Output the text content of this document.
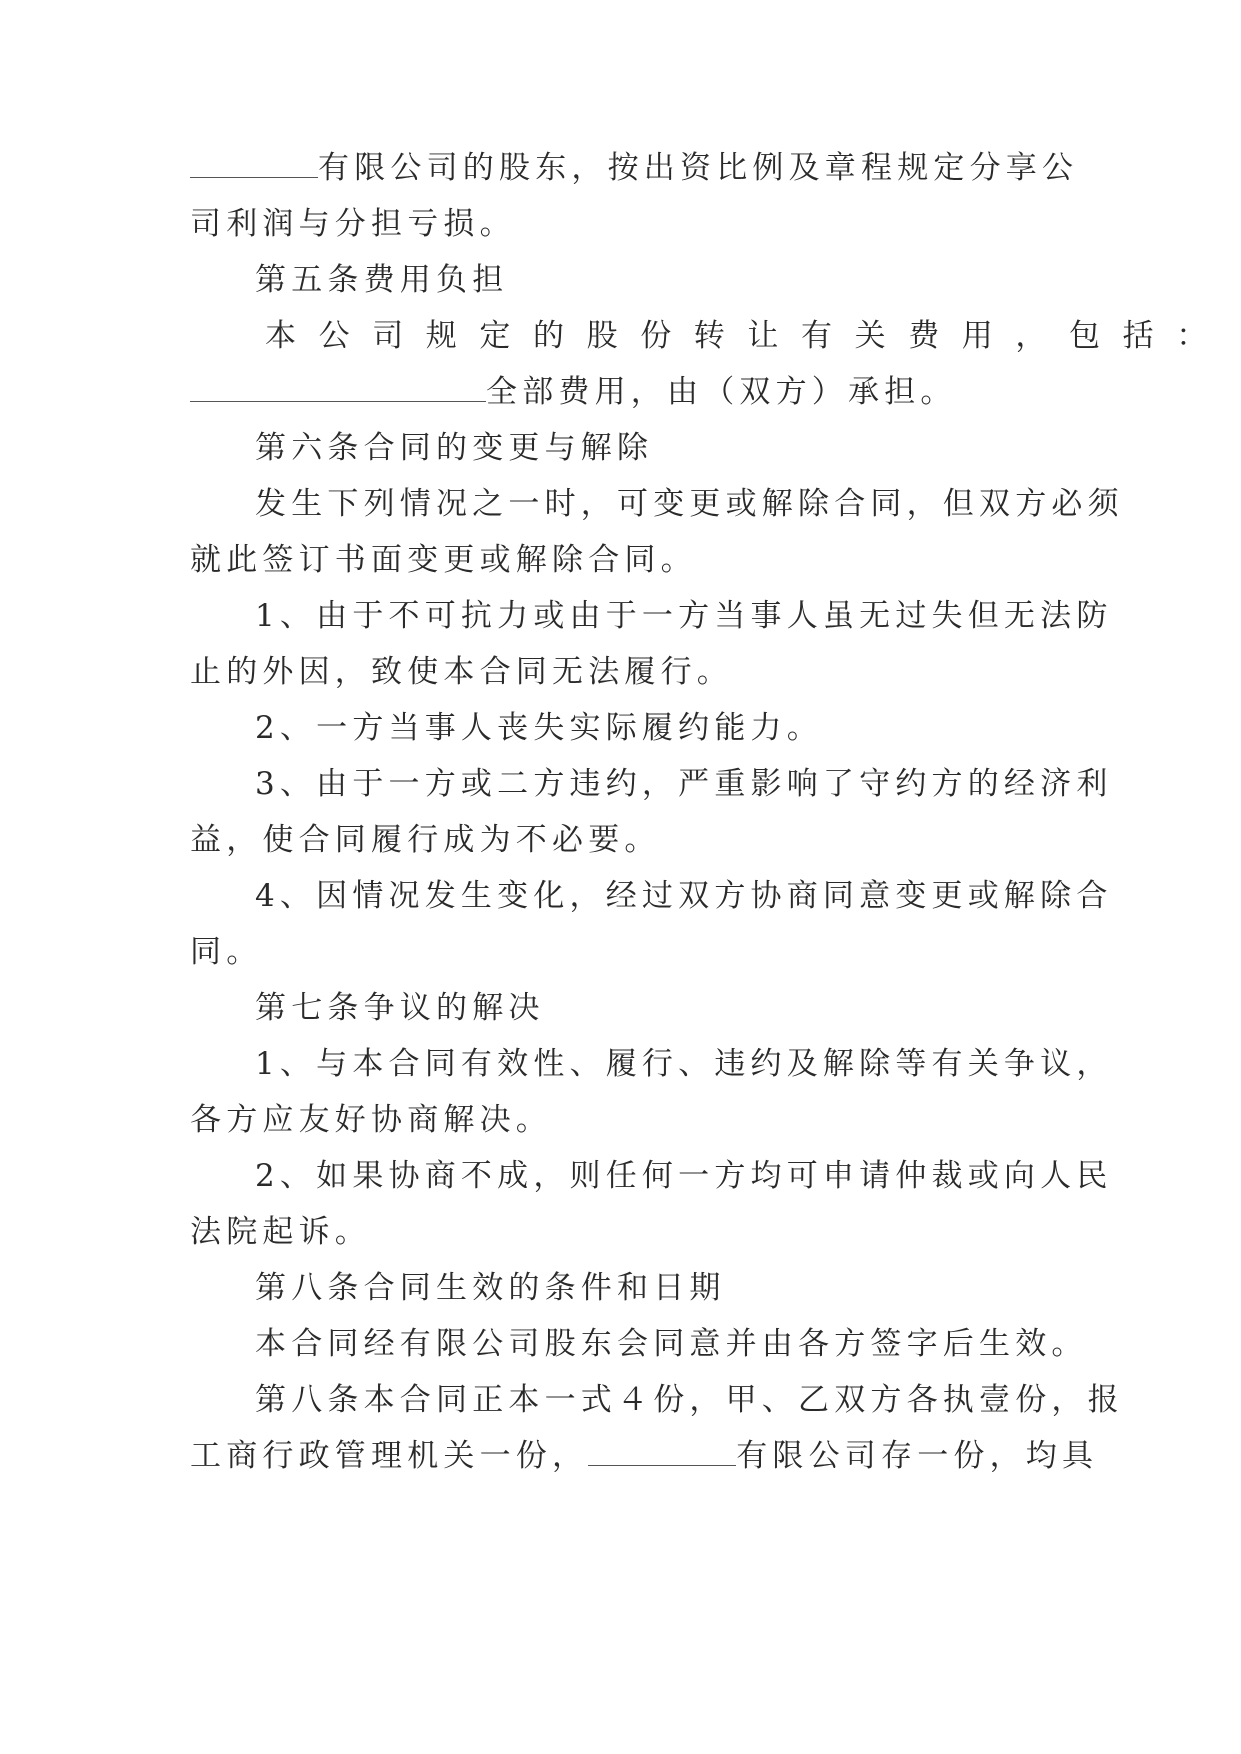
有限公司的股东，按出资比例及章程规定分享公
司利润与分担亏损。
第五条费用负担
本公司规定的股份转让有关费用，包括：
全部费用，由（双方）承担。
第六条合同的变更与解除
发生下列情况之一时，可变更或解除合同，但双方必须
就此签订书面变更或解除合同。
1、由于不可抗力或由于一方当事人虽无过失但无法防
止的外因，致使本合同无法履行。
2、一方当事人丧失实际履约能力。
3、由于一方或二方违约，严重影响了守约方的经济利
益，使合同履行成为不必要。
4、因情况发生变化，经过双方协商同意变更或解除合
同。
第七条争议的解决
1、与本合同有效性、履行、违约及解除等有关争议，
各方应友好协商解决。
2、如果协商不成，则任何一方均可申请仲裁或向人民
法院起诉。
第八条合同生效的条件和日期
本合同经有限公司股东会同意并由各方签字后生效。
第八条本合同正本一式４份，甲、乙双方各执壹份，报
工商行政管理机关一份，	有限公司存一份，均具
